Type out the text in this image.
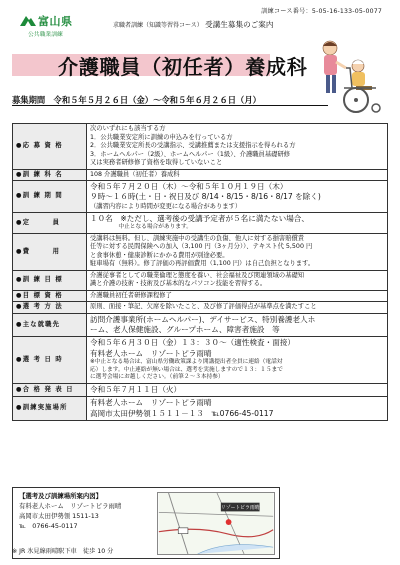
訓練コース番号：5-05-16-133-05-0077
富山県
公共職業訓練
求職者訓練（知識等習得コース） 受講生募集のご案内
介護職員（初任者）養成科
募集期間　 令和５年５月２６日（金）～令和５年６月２６日（月）
●応 募 資 格	次のいずれにも該当する方
1．公共職業安定所に訓練の申込みを行っている方
2．公共職業安定所長の受講指示、受講推薦または支援指示を得られる方
3．ホームヘルパー（2級）、ホームヘルパー（1級）、介護職員基礎研修
又は実務者研修修了資格を取得していないこと

●訓 練 科 名	108 介護職員（初任者）養成科

●訓 練 期 間	令和５年７月２０日（木）～令和５年１０月１９日（木）
９時～１６時(土・日・祝日及び 8/14・8/15・8/16・8/17 を除く)
（講習内容により時間が変更になる場合があります）

●定　　　員	１０名　※ただし、選考後の受講予定者が５名に満たない場合、
　　　　　中止となる場合があります。

●費　　　用	受講料は無料。但し、訓練実施中の受講生の負傷、他人に対する損害賠償責
任等に対する民間保険への加入（3,100 円（3ヶ月分））、テキスト代 5,500 円
と食事休憩・健康診断にかかる費用が別途必要。
駐車場有（無料）。修了評価の再評価費用（1,100 円）は自己負担となります。

●訓 練 目 標	介護従事者としての職業倫理と態度を養い、社会福祉及び関連領域の基礎知
識と介護の技術・技術及び基本的なパソコン技能を習得する。

●目 標 資 格	介護職員初任者研修課程修了

●選 考 方 法	原則、面接・筆記、欠席を除いたこと、及び修了評価得点が基準点を満たすこと

●主な就職先	訪問介護事業所(ホームヘルパー)、デイサービス、特別養護老人ホ
ーム、老人保健施設、グループホーム、障害者施設　等

●選 考 日 時	令和５年６月３０日（金）１３：３０～（適性検査・面接）
有料老人ホーム　リゾートピラ雨晴
※中止となる場合は、富山県労働政策課より開講提出者全員に連絡（電話対
応）します。中止連絡が無い場合は、選考を実施しますので１３：１５まで
に選考会場にお越しください。（前筆２～３本持参）

●合 格 発 表 日	令和５年７月１１日（火）

●訓練実施場所	有料老人ホーム　リゾートピラ雨晴
高岡市太田伊勢領１５１１－１３　℡0766-45-0117
【選考及び訓練場所案内図】
有料老人ホーム　リゾートピラ雨晴
高岡市太田伊勢領 1511-13
℡　0766-45-0117
リゾートピラ雨晴
※ JR 氷見線雨晴駅下車　徒歩 10 分
